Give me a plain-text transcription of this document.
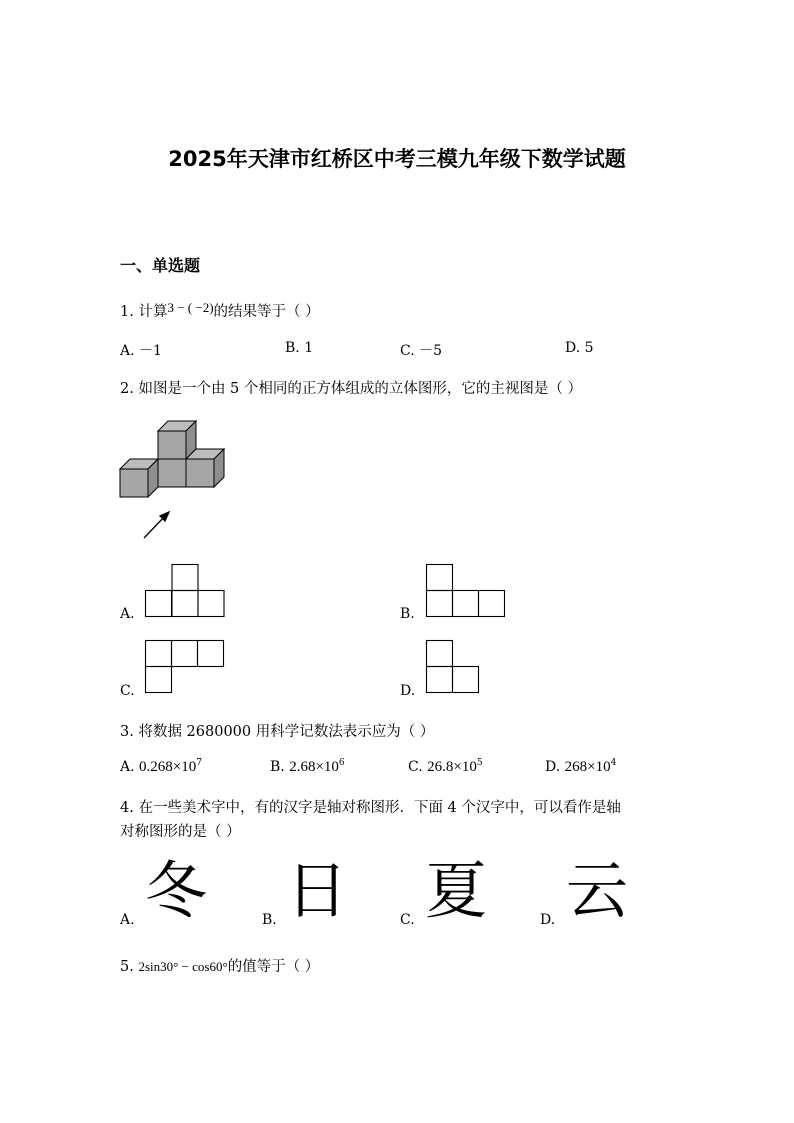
2025年天津市红桥区中考三模九年级下数学试题
一、单选题
1. 计算3 − ( −2)的结果等于（ ）
A. －1	B. 1	C. －5	D. 5
2. 如图是一个由 5 个相同的正方体组成的立体图形，它的主视图是（ ）
A.	B.
C.	D.
3. 将数据 2680000 用科学记数法表示应为（ ）
A. $0.268\times 10^7$	B. $2.68\times 10^6$	C. $26.8\times 10^5$	D. $268\times 10^4$
4. 在一些美术字中，有的汉字是轴对称图形．下面 4 个汉字中，可以看作是轴
对称图形的是（ ）
A. 冬	B. 日	C. 夏	D. 云
5. 2sin30° − cos60°的值等于（ ）
